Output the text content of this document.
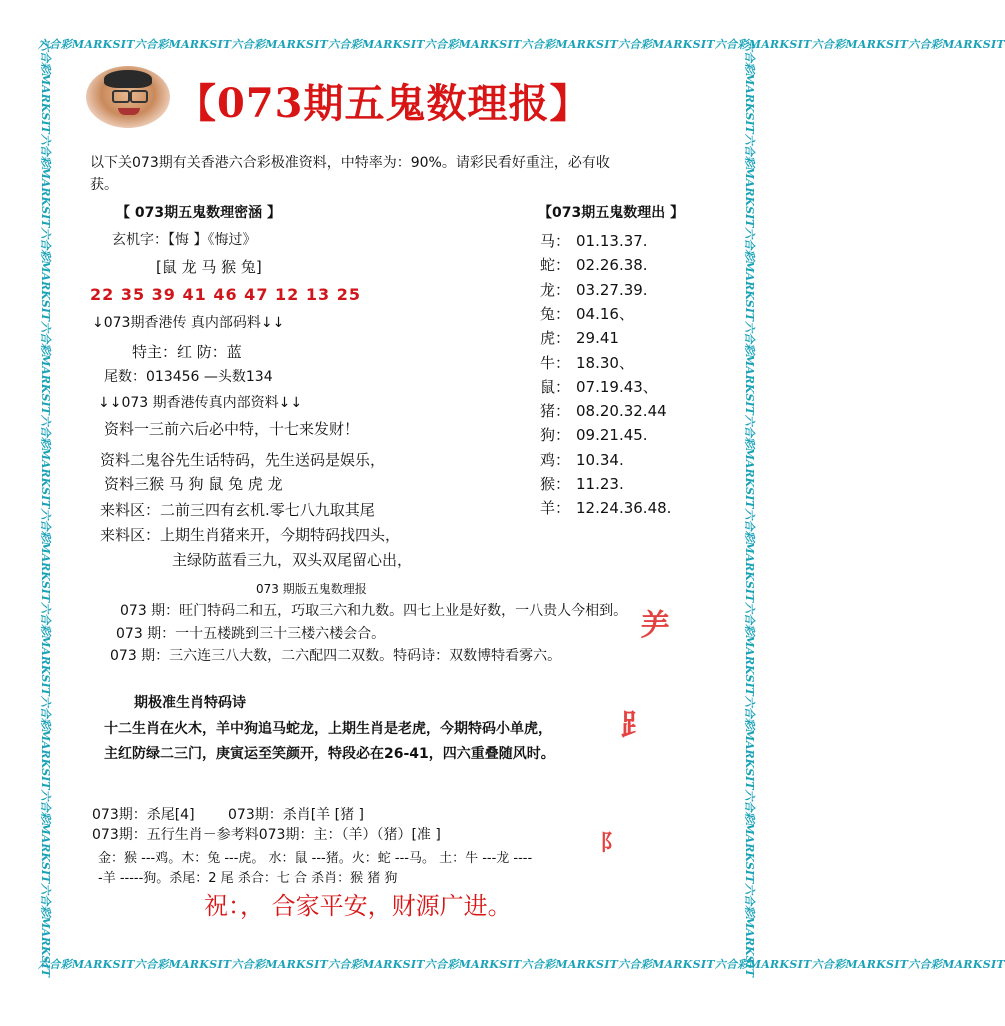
六合彩MARKSIT六合彩MARKSIT六合彩MARKSIT六合彩MARKSIT六合彩MARKSIT六合彩MARKSIT六合彩MARKSIT六合彩MARKSIT六合彩MARKSIT六合彩MARKSIT
六合彩MARKSIT六合彩MARKSIT六合彩MARKSIT六合彩MARKSIT六合彩MARKSIT六合彩MARKSIT六合彩MARKSIT六合彩MARKSIT六合彩MARKSIT六合彩MARKSIT
六合彩MARKSIT六合彩MARKSIT六合彩MARKSIT六合彩MARKSIT六合彩MARKSIT六合彩MARKSIT六合彩MARKSIT六合彩MARKSIT六合彩MARKSIT六合彩MARKSIT	六合彩MARKSIT六合彩MARKSIT六合彩MARKSIT六合彩MARKSIT六合彩MARKSIT六合彩MARKSIT六合彩MARKSIT六合彩MARKSIT六合彩MARKSIT六合彩MARKSIT
【073期五鬼数理报】
以下关073期有关香港六合彩极准资料，中特率为：90%。请彩民看好重注，必有收
获。
【 073期五鬼数理密涵 】
玄机字：【悔 】《悔过》
[鼠 龙 马 猴 兔]
22 35 39 41 46 47 12 13 25
↓073期香港传 真内部码料↓↓
特主：红 防：蓝
尾数：013456 —头数134
↓↓073 期香港传真内部资料↓↓
资料一三前六后必中特，十七来发财！
资料二鬼谷先生话特码，先生送码是娱乐，
资料三猴 马 狗 鼠 兔 虎 龙
来料区：二前三四有玄机.零七八九取其尾
来料区：上期生肖猪来开，今期特码找四头，
主绿防蓝看三九，双头双尾留心出，
【073期五鬼数理出 】
马： 01.13.37.
蛇： 02.26.38.
龙： 03.27.39.
兔： 04.16、
虎： 29.41
牛： 18.30、
鼠： 07.19.43、
猪： 08.20.32.44
狗： 09.21.45.
鸡： 10.34.
猴： 11.23.
羊： 12.24.36.48.
073 期版五鬼数理报
073 期：旺门特码二和五，巧取三六和九数。四七上业是好数，一八贵人今相到。
073 期：一十五楼跳到三十三楼六楼会合。
073 期：三六连三八大数，二六配四二双数。特码诗：双数博特看雾六。
期极准生肖特码诗
十二生肖在火木，羊中狗追马蛇龙，上期生肖是老虎，今期特码小单虎，
主红防绿二三门，庚寅运至笑颜开，特段必在26-41，四六重叠随风时。
⺶
⻊
⻖
073期：杀尾[4] 073期：杀肖[羊 [猪 ]
073期：五行生肖－参考料073期：主：（羊）（猪）[准 ]
金：猴 ---鸡。木：兔 ---虎。 水：鼠 ---猪。火：蛇 ---马。 土：牛 ---龙 ----
-羊 -----狗。杀尾：2 尾 杀合：七 合 杀肖：猴 猪 狗
祝：， 合家平安，财源广进。
